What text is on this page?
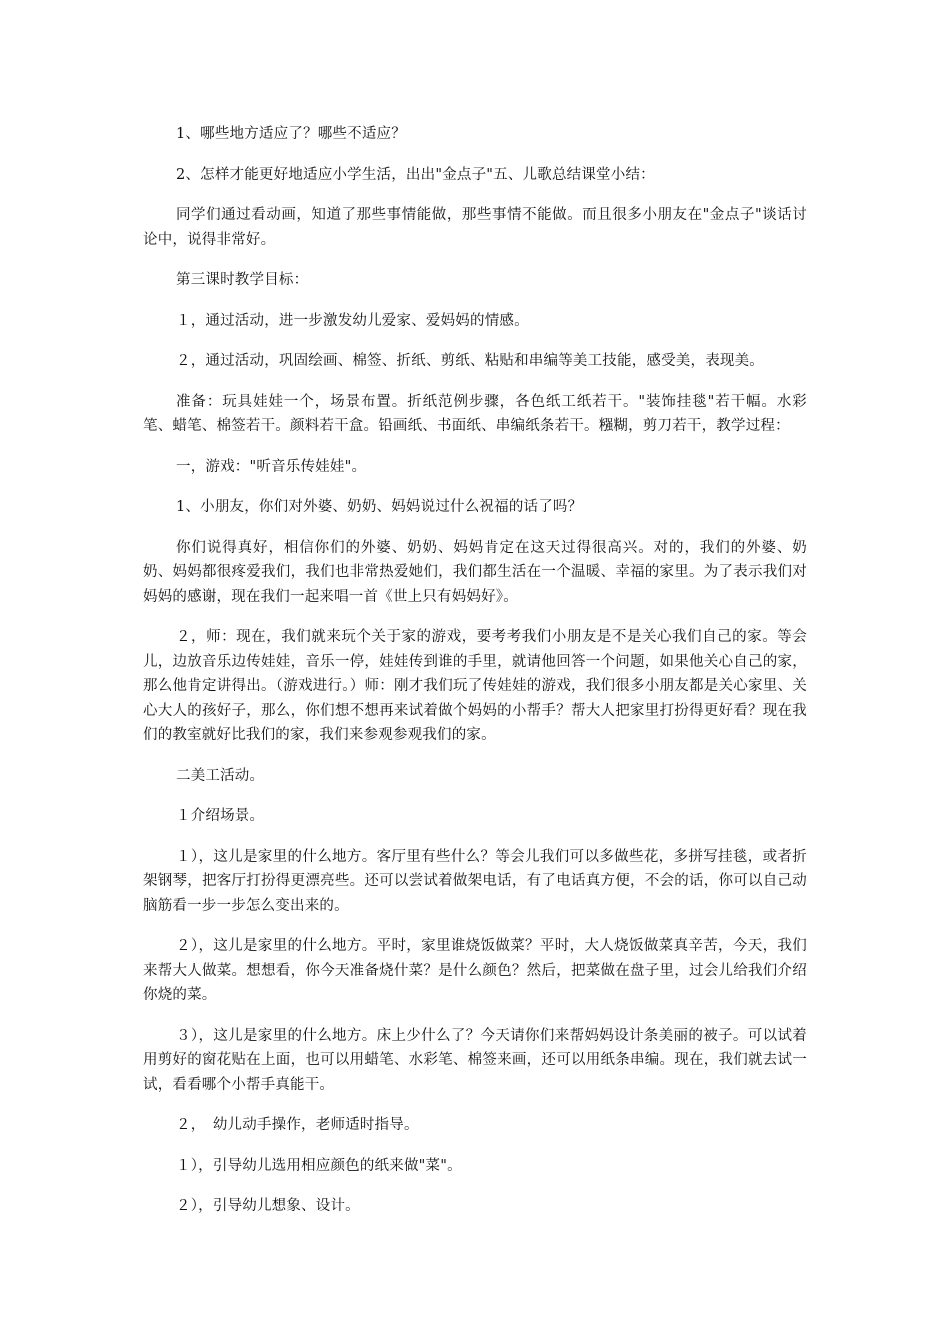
1、哪些地方适应了？哪些不适应？

2、怎样才能更好地适应小学生活，出出"金点子"五、儿歌总结课堂小结：

同学们通过看动画，知道了那些事情能做，那些事情不能做。而且很多小朋友在"金点子"谈话讨论中，说得非常好。

第三课时教学目标：

１，通过活动，进一步激发幼儿爱家、爱妈妈的情感。

２，通过活动，巩固绘画、棉签、折纸、剪纸、粘贴和串编等美工技能，感受美，表现美。

准备：玩具娃娃一个，场景布置。折纸范例步骤，各色纸工纸若干。"装饰挂毯"若干幅。水彩笔、蜡笔、棉签若干。颜料若干盒。铅画纸、书面纸、串编纸条若干。糨糊，剪刀若干，教学过程：

一，游戏："听音乐传娃娃"。

1、小朋友，你们对外婆、奶奶、妈妈说过什么祝福的话了吗？

你们说得真好，相信你们的外婆、奶奶、妈妈肯定在这天过得很高兴。对的，我们的外婆、奶奶、妈妈都很疼爱我们，我们也非常热爱她们，我们都生活在一个温暖、幸福的家里。为了表示我们对妈妈的感谢，现在我们一起来唱一首《世上只有妈妈好》。

２，师：现在，我们就来玩个关于家的游戏，要考考我们小朋友是不是关心我们自己的家。等会儿，边放音乐边传娃娃，音乐一停，娃娃传到谁的手里，就请他回答一个问题，如果他关心自己的家，那么他肯定讲得出。（游戏进行。）师：刚才我们玩了传娃娃的游戏，我们很多小朋友都是关心家里、关心大人的孩好子，那么，你们想不想再来试着做个妈妈的小帮手？帮大人把家里打扮得更好看？现在我们的教室就好比我们的家，我们来参观参观我们的家。

二美工活动。

１介绍场景。

１），这儿是家里的什么地方。客厅里有些什么？等会儿我们可以多做些花，多拼写挂毯，或者折架钢琴，把客厅打扮得更漂亮些。还可以尝试着做架电话，有了电话真方便，不会的话，你可以自己动脑筋看一步一步怎么变出来的。

２），这儿是家里的什么地方。平时，家里谁烧饭做菜？平时，大人烧饭做菜真辛苦，今天，我们来帮大人做菜。想想看，你今天准备烧什菜？是什么颜色？然后，把菜做在盘子里，过会儿给我们介绍你烧的菜。

３），这儿是家里的什么地方。床上少什么了？今天请你们来帮妈妈设计条美丽的被子。可以试着用剪好的窗花贴在上面，也可以用蜡笔、水彩笔、棉签来画，还可以用纸条串编。现在，我们就去试一试，看看哪个小帮手真能干。

２，　幼儿动手操作，老师适时指导。

１），引导幼儿选用相应颜色的纸来做"菜"。

２），引导幼儿想象、设计。
